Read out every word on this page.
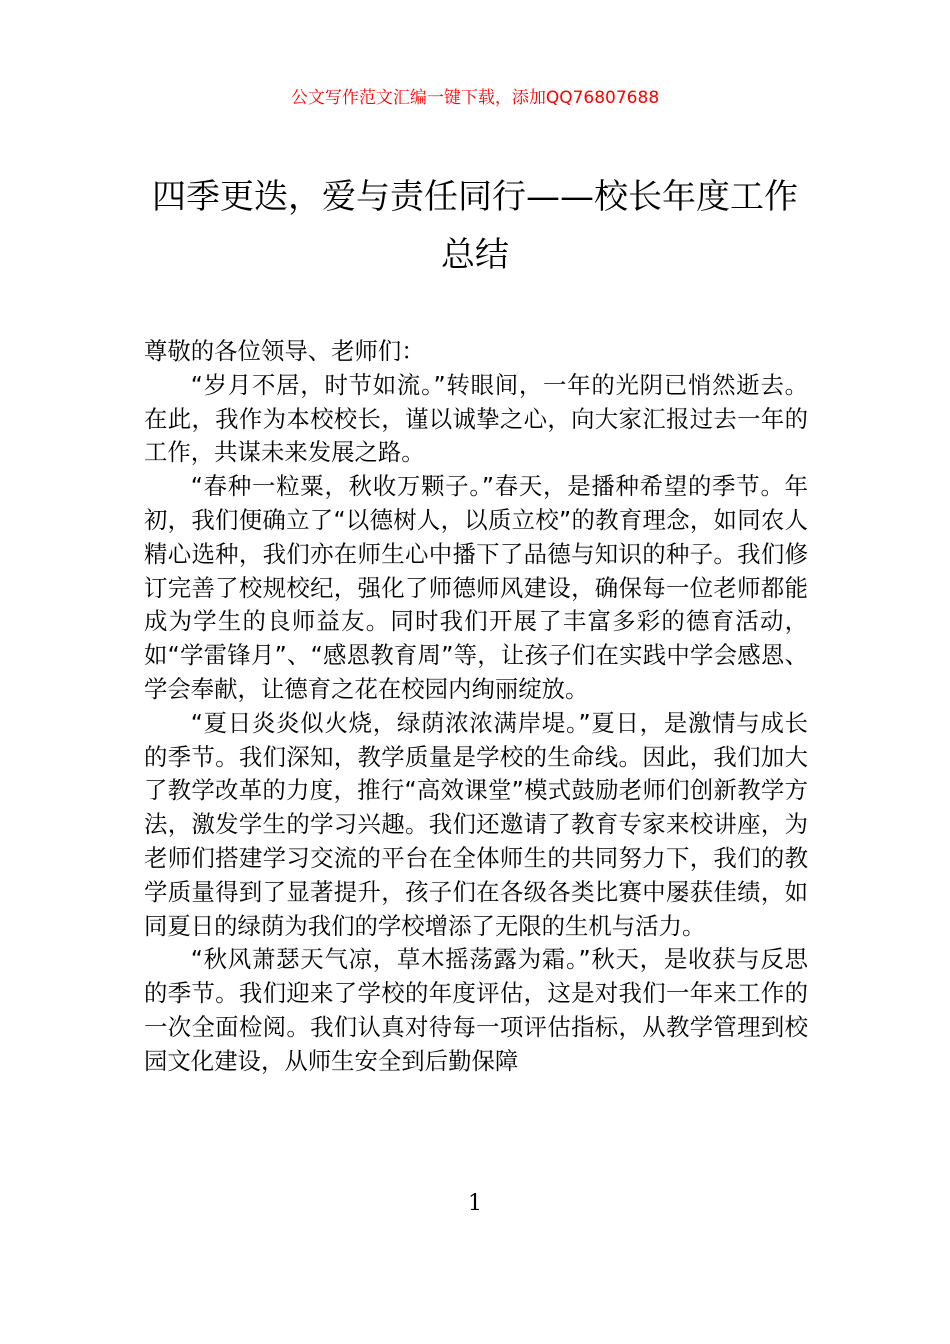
公文写作范文汇编一键下载，添加QQ76807688
四季更迭，爱与责任同行——校长年度工作总结

尊敬的各位领导、老师们：

“岁月不居，时节如流。”转眼间，一年的光阴已悄然逝去。在此，我作为本校校长，谨以诚挚之心，向大家汇报过去一年的工作，共谋未来发展之路。

“春种一粒粟，秋收万颗子。”春天，是播种希望的季节。年初，我们便确立了“以德树人，以质立校”的教育理念，如同农人精心选种，我们亦在师生心中播下了品德与知识的种子。我们修订完善了校规校纪，强化了师德师风建设，确保每一位老师都能成为学生的良师益友。同时我们开展了丰富多彩的德育活动，如“学雷锋月”、“感恩教育周”等，让孩子们在实践中学会感恩、学会奉献，让德育之花在校园内绚丽绽放。

“夏日炎炎似火烧，绿荫浓浓满岸堤。”夏日，是激情与成长的季节。我们深知，教学质量是学校的生命线。因此，我们加大了教学改革的力度，推行“高效课堂”模式鼓励老师们创新教学方法，激发学生的学习兴趣。我们还邀请了教育专家来校讲座，为老师们搭建学习交流的平台在全体师生的共同努力下，我们的教学质量得到了显著提升，孩子们在各级各类比赛中屡获佳绩，如同夏日的绿荫为我们的学校增添了无限的生机与活力。

“秋风萧瑟天气凉，草木摇荡露为霜。”秋天，是收获与反思的季节。我们迎来了学校的年度评估，这是对我们一年来工作的一次全面检阅。我们认真对待每一项评估指标，从教学管理到校园文化建设，从师生安全到后勤保障

1
